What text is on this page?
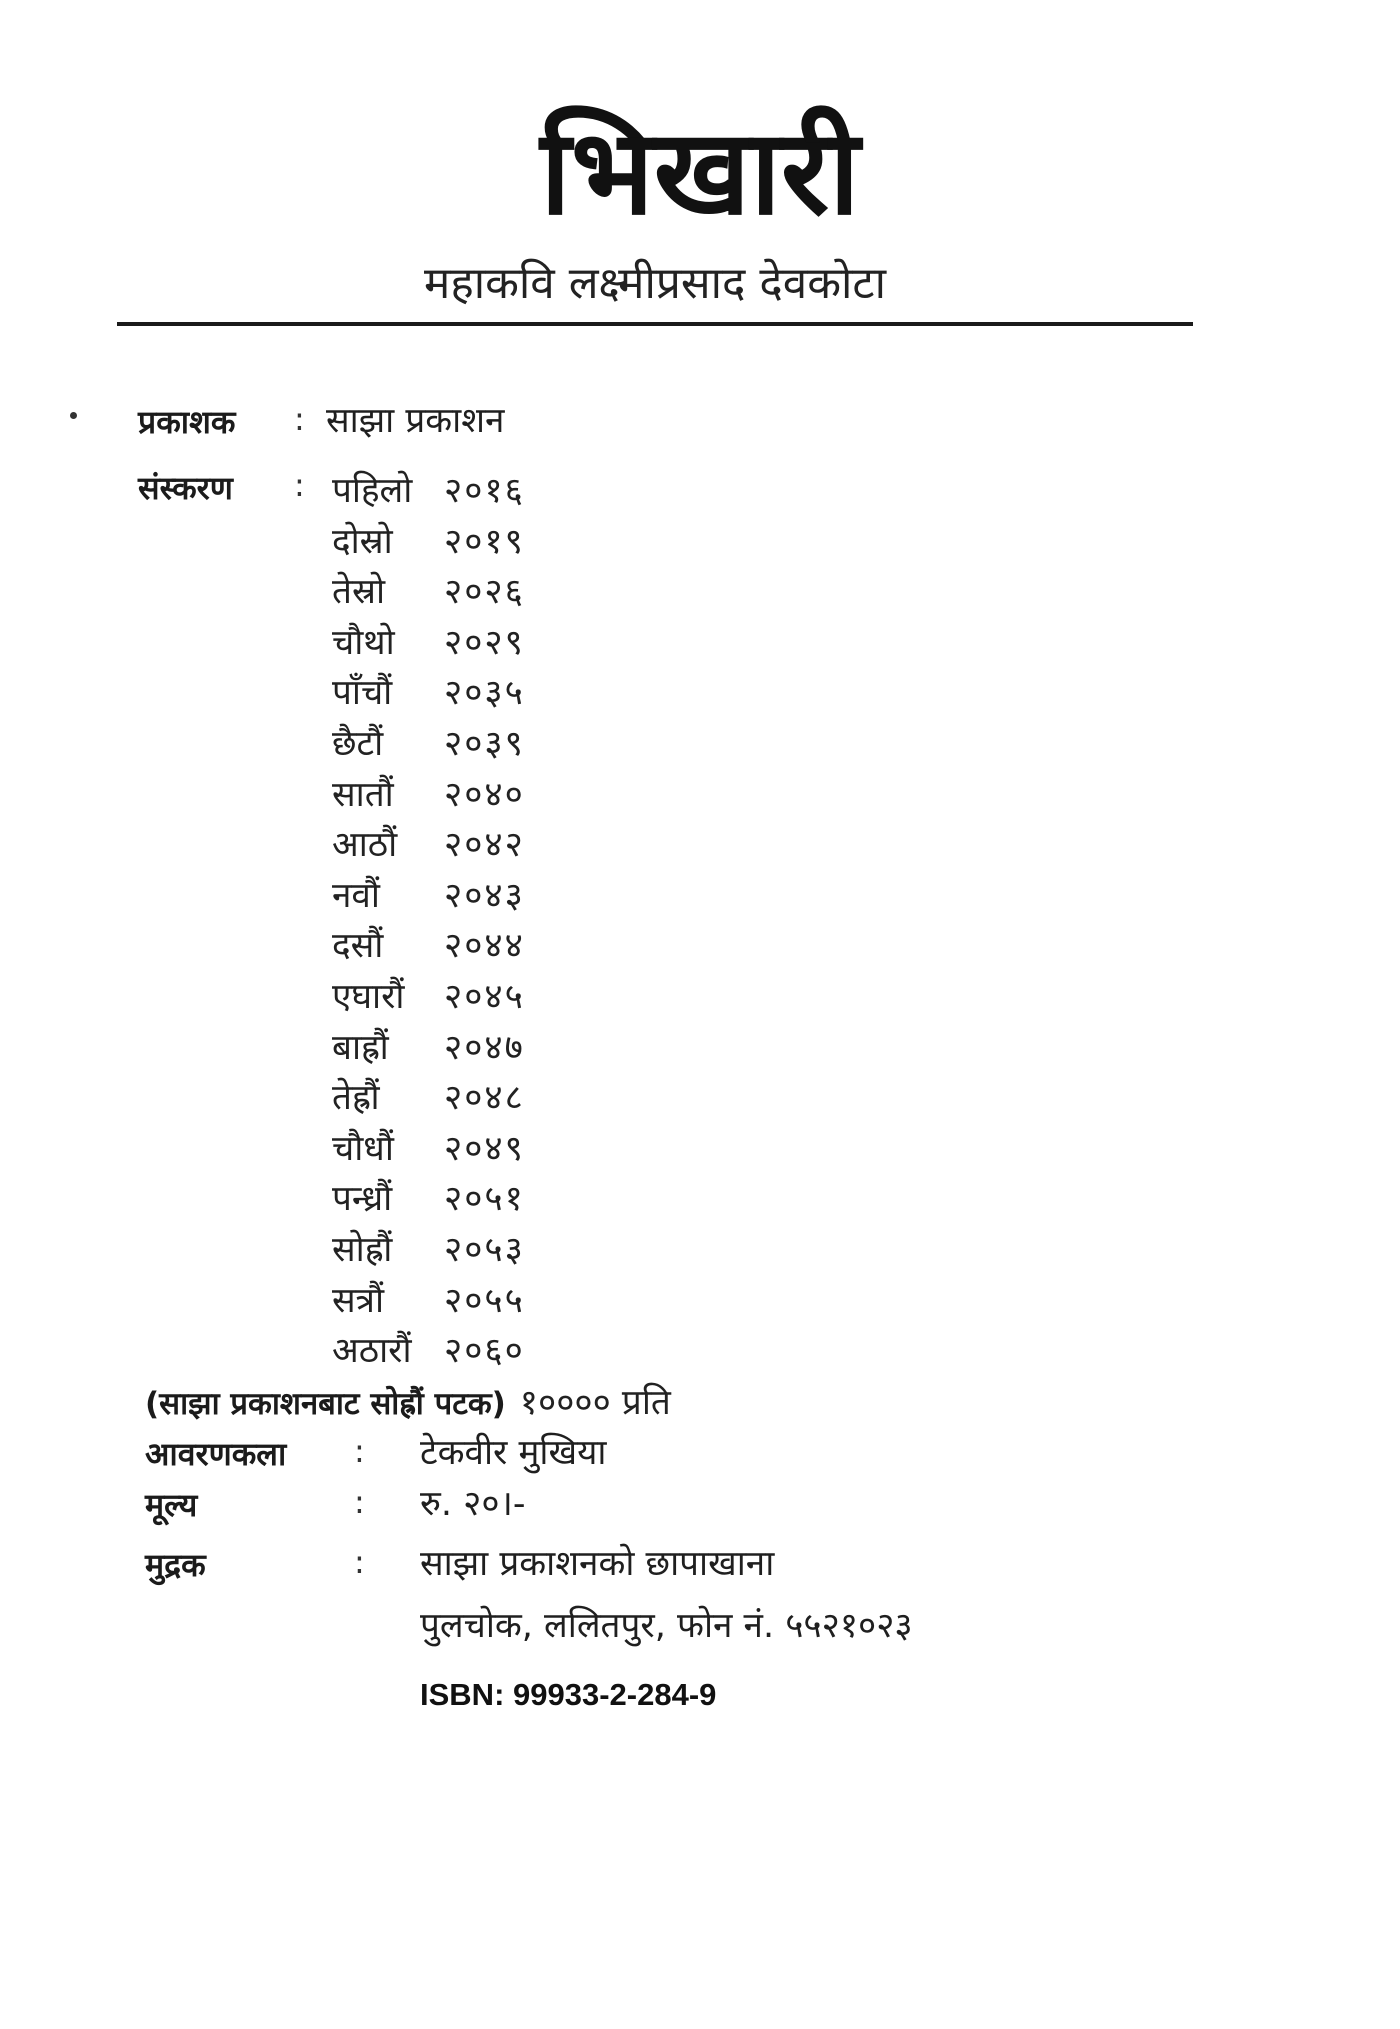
भिखारी
महाकवि लक्ष्मीप्रसाद देवकोटा
प्रकाशक : साझा प्रकाशन
संस्करण : पहिलो २०१६
दोस्रो २०१९
तेस्रो २०२६
चौथो २०२९
पाँचौं २०३५
छैटौं २०३९
सातौं २०४०
आठौं २०४२
नवौं २०४३
दसौं २०४४
एघारौं २०४५
बाह्रौं २०४७
तेह्रौं २०४८
चौधौं २०४९
पन्ध्रौं २०५१
सोह्रौं २०५३
सत्रौं २०५५
अठारौं २०६०
(साझा प्रकाशनबाट सोह्रौं पटक) १०००० प्रति
आवरणकला : टेकवीर मुखिया
मूल्य	: रु. २०।-
मुद्रक	: साझा प्रकाशनको छापाखाना
पुलचोक, ललितपुर, फोन नं. ५५२१०२३
ISBN: 99933-2-284-9
